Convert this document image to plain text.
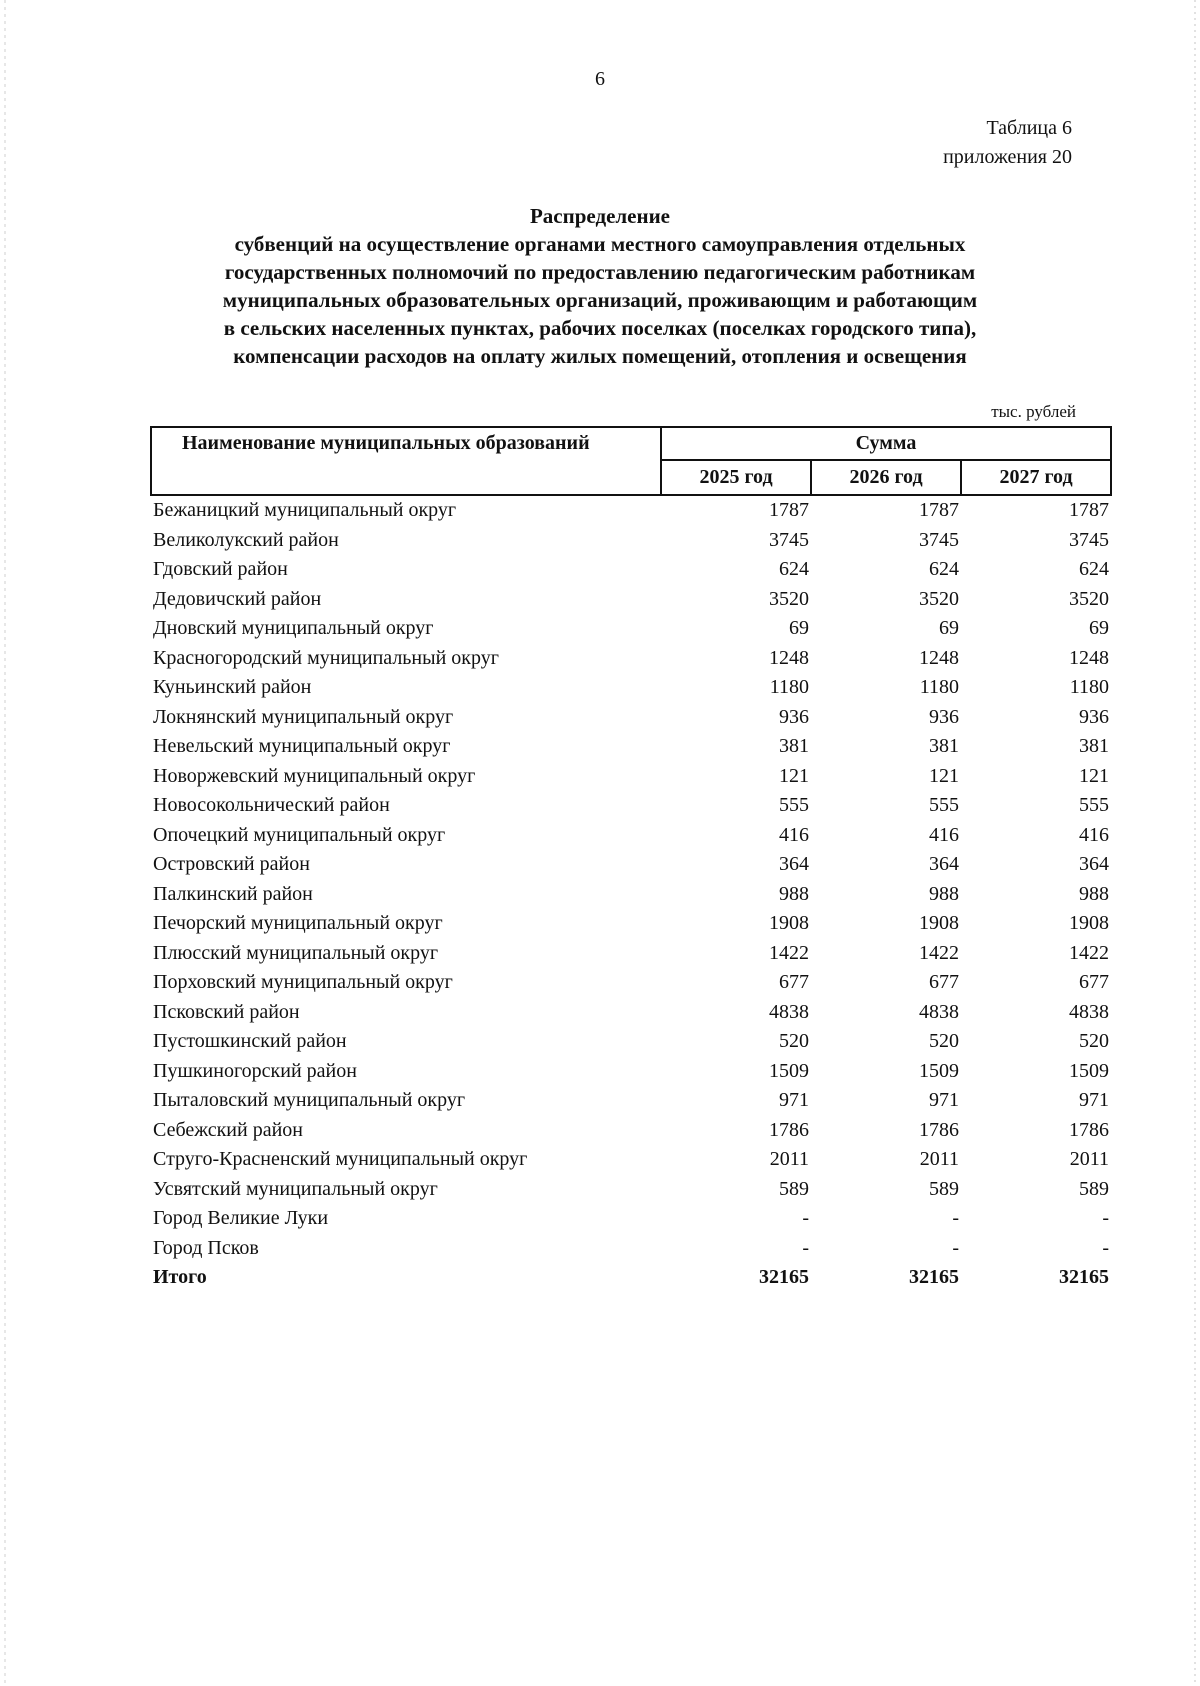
6
Таблица 6
приложения 20
Распределение
субвенций на осуществление органами местного самоуправления отдельных
государственных полномочий по предоставлению педагогическим работникам
муниципальных образовательных организаций, проживающим и работающим
в сельских населенных пунктах, рабочих поселках (поселках городского типа),
компенсации расходов на оплату жилых помещений, отопления и освещения
тыс. рублей
Наименование муниципальных образований	Сумма		
	2025 год	2026 год	2027 год
Бежаницкий муниципальный округ	1787	1787	1787
Великолукский район	3745	3745	3745
Гдовский район	624	624	624
Дедовичский район	3520	3520	3520
Дновский муниципальный округ	69	69	69
Красногородский муниципальный округ	1248	1248	1248
Куньинский район	1180	1180	1180
Локнянский муниципальный округ	936	936	936
Невельский муниципальный округ	381	381	381
Новоржевский муниципальный округ	121	121	121
Новосокольнический район	555	555	555
Опочецкий муниципальный округ	416	416	416
Островский район	364	364	364
Палкинский район	988	988	988
Печорский муниципальный округ	1908	1908	1908
Плюсский муниципальный округ	1422	1422	1422
Порховский муниципальный округ	677	677	677
Псковский район	4838	4838	4838
Пустошкинский район	520	520	520
Пушкиногорский район	1509	1509	1509
Пыталовский муниципальный округ	971	971	971
Себежский район	1786	1786	1786
Струго-Красненский муниципальный округ	2011	2011	2011
Усвятский муниципальный округ	589	589	589
Город Великие Луки	-	-	-
Город Псков	-	-	-
Итого	32165	32165	32165
